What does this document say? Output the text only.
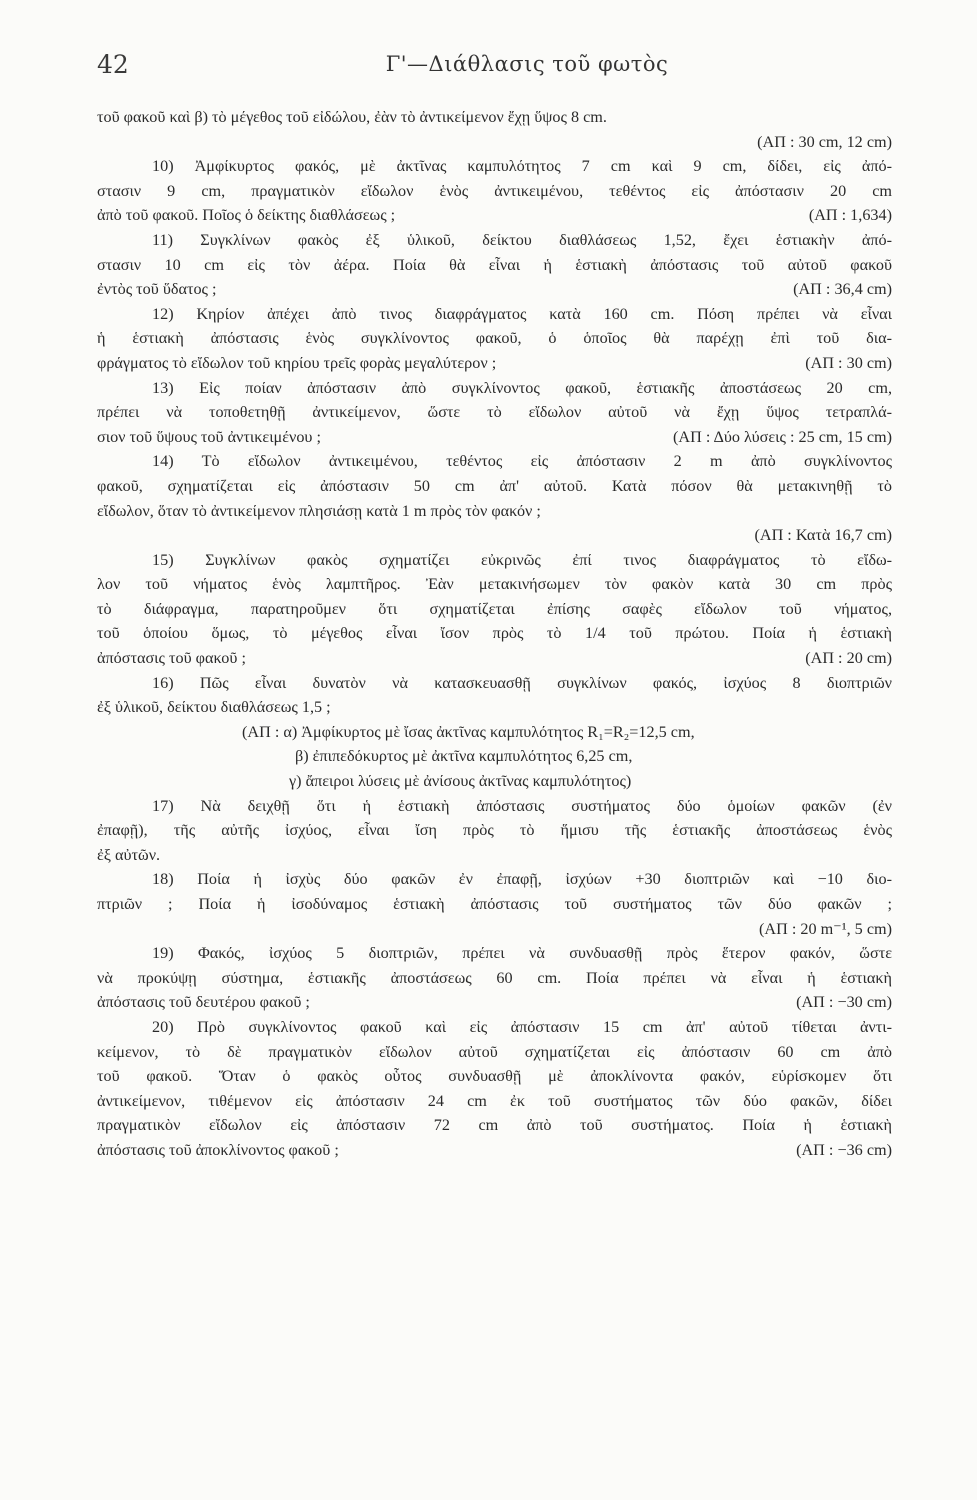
42	Γ'—Διάθλασις τοῦ φωτὸς
τοῦ φακοῦ καὶ β) τὸ μέγεθος τοῦ εἰδώλου, ἐὰν τὸ ἀντικείμενον ἔχῃ ὕψος 8 cm.
(ΑΠ : 30 cm, 12 cm)
10) Ἀμφίκυρτος φακός, μὲ ἀκτῖνας καμπυλότητος 7 cm καὶ 9 cm, δίδει, εἰς ἀπό-
στασιν 9 cm, πραγματικὸν εἴδωλον ἑνὸς ἀντικειμένου, τεθέντος εἰς ἀπόστασιν 20 cm
ἀπὸ τοῦ φακοῦ. Ποῖος ὁ δείκτης διαθλάσεως ;	(ΑΠ : 1,634)
11) Συγκλίνων φακὸς ἐξ ὑλικοῦ, δείκτου διαθλάσεως 1,52, ἔχει ἑστιακὴν ἀπό-
στασιν 10 cm εἰς τὸν ἀέρα. Ποία θὰ εἶναι ἡ ἑστιακὴ ἀπόστασις τοῦ αὐτοῦ φακοῦ
ἐντὸς τοῦ ὕδατος ;	(ΑΠ : 36,4 cm)
12) Κηρίον ἀπέχει ἀπὸ τινος διαφράγματος κατὰ 160 cm. Πόση πρέπει νὰ εἶναι
ἡ ἑστιακὴ ἀπόστασις ἑνὸς συγκλίνοντος φακοῦ, ὁ ὁποῖος θὰ παρέχῃ ἐπὶ τοῦ δια-
φράγματος τὸ εἴδωλον τοῦ κηρίου τρεῖς φορὰς μεγαλύτερον ;	(ΑΠ : 30 cm)
13) Εἰς ποίαν ἀπόστασιν ἀπὸ συγκλίνοντος φακοῦ, ἑστιακῆς ἀποστάσεως 20 cm,
πρέπει νὰ τοποθετηθῇ ἀντικείμενον, ὥστε τὸ εἴδωλον αὐτοῦ νὰ ἔχῃ ὕψος τετραπλά-
σιον τοῦ ὕψους τοῦ ἀντικειμένου ;	(ΑΠ : Δύο λύσεις : 25 cm, 15 cm)
14) Τὸ εἴδωλον ἀντικειμένου, τεθέντος εἰς ἀπόστασιν 2 m ἀπὸ συγκλίνοντος
φακοῦ, σχηματίζεται εἰς ἀπόστασιν 50 cm ἀπ' αὐτοῦ. Κατὰ πόσον θὰ μετακινηθῇ τὸ
εἴδωλον, ὅταν τὸ ἀντικείμενον πλησιάσῃ κατὰ 1 m πρὸς τὸν φακόν ;
(ΑΠ : Κατὰ 16,7 cm)
15) Συγκλίνων φακὸς σχηματίζει εὐκρινῶς ἐπί τινος διαφράγματος τὸ εἴδω-
λον τοῦ νήματος ἑνὸς λαμπτῆρος. Ἐὰν μετακινήσωμεν τὸν φακὸν κατὰ 30 cm πρὸς
τὸ διάφραγμα, παρατηροῦμεν ὅτι σχηματίζεται ἐπίσης σαφὲς εἴδωλον τοῦ νήματος,
τοῦ ὁποίου ὅμως, τὸ μέγεθος εἶναι ἴσον πρὸς τὸ 1/4 τοῦ πρώτου. Ποία ἡ ἑστιακὴ
ἀπόστασις τοῦ φακοῦ ;	(ΑΠ : 20 cm)
16) Πῶς εἶναι δυνατὸν νὰ κατασκευασθῇ συγκλίνων φακός, ἰσχύος 8 διοπτριῶν
ἐξ ὑλικοῦ, δείκτου διαθλάσεως 1,5 ;
(ΑΠ : α) Ἀμφίκυρτος μὲ ἴσας ἀκτῖνας καμπυλότητος R₁=R₂=12,5 cm,
β) ἐπιπεδόκυρτος μὲ ἀκτῖνα καμπυλότητος 6,25 cm,
γ) ἄπειροι λύσεις μὲ ἀνίσους ἀκτῖνας καμπυλότητος)
17) Νὰ δειχθῇ ὅτι ἡ ἑστιακὴ ἀπόστασις συστήματος δύο ὁμοίων φακῶν (ἐν
ἐπαφῇ), τῆς αὐτῆς ἰσχύος, εἶναι ἴση πρὸς τὸ ἥμισυ τῆς ἑστιακῆς ἀποστάσεως ἑνὸς
ἐξ αὐτῶν.
18) Ποία ἡ ἰσχὺς δύο φακῶν ἐν ἐπαφῇ, ἰσχύων +30 διοπτριῶν καὶ −10 διο-
πτριῶν ; Ποία ἡ ἰσοδύναμος ἑστιακὴ ἀπόστασις τοῦ συστήματος τῶν δύο φακῶν ;
(ΑΠ : 20 m⁻¹, 5 cm)
19) Φακός, ἰσχύος 5 διοπτριῶν, πρέπει νὰ συνδυασθῇ πρὸς ἕτερον φακόν, ὥστε
νὰ προκύψῃ σύστημα, ἑστιακῆς ἀποστάσεως 60 cm. Ποία πρέπει νὰ εἶναι ἡ ἑστιακὴ
ἀπόστασις τοῦ δευτέρου φακοῦ ;	(ΑΠ : −30 cm)
20) Πρὸ συγκλίνοντος φακοῦ καὶ εἰς ἀπόστασιν 15 cm ἀπ' αὐτοῦ τίθεται ἀντι-
κείμενον, τὸ δὲ πραγματικὸν εἴδωλον αὐτοῦ σχηματίζεται εἰς ἀπόστασιν 60 cm ἀπὸ
τοῦ φακοῦ. Ὅταν ὁ φακὸς οὗτος συνδυασθῇ μὲ ἀποκλίνοντα φακόν, εὑρίσκομεν ὅτι
ἀντικείμενον, τιθέμενον εἰς ἀπόστασιν 24 cm ἐκ τοῦ συστήματος τῶν δύο φακῶν, δίδει
πραγματικὸν εἴδωλον εἰς ἀπόστασιν 72 cm ἀπὸ τοῦ συστήματος. Ποία ἡ ἑστιακὴ
ἀπόστασις τοῦ ἀποκλίνοντος φακοῦ ;	(ΑΠ : −36 cm)
